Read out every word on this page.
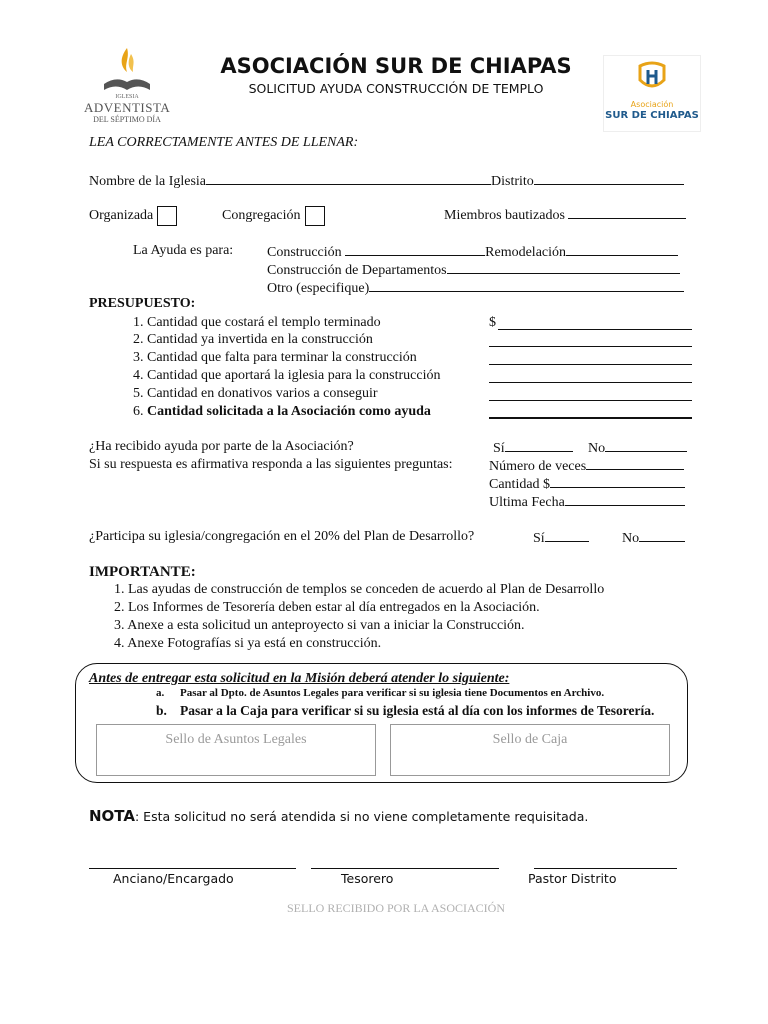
IGLESIA
ADVENTISTA
DEL SÉPTIMO DÍA
ASOCIACIÓN SUR DE CHIAPAS
SOLICITUD AYUDA CONSTRUCCIÓN DE TEMPLO
Asociación
SUR DE CHIAPAS
LEA CORRECTAMENTE ANTES DE LLENAR:
Nombre de la Iglesia	Distrito
Organizada	Congregación	Miembros bautizados
La Ayuda es para: Construcción	Remodelación
Construcción de Departamentos
Otro (especifique)
PRESUPUESTO:
1. Cantidad que costará el templo terminado
2. Cantidad ya invertida en la construcción
3. Cantidad que falta para terminar la construcción
4. Cantidad que aportará la iglesia para la construcción
5. Cantidad en donativos varios a conseguir
6. Cantidad solicitada a la Asociación como ayuda
$
¿Ha recibido ayuda por parte de la Asociación?	Sí	No
Si su respuesta es afirmativa responda a las siguientes preguntas:	Número de veces
Cantidad $
Ultima Fecha
¿Participa su iglesia/congregación en el 20% del Plan de Desarrollo?	Sí	No
IMPORTANTE:
1. Las ayudas de construcción de templos se conceden de acuerdo al Plan de Desarrollo
2. Los Informes de Tesorería deben estar al día entregados en la Asociación.
3. Anexe a esta solicitud un anteproyecto si van a iniciar la Construcción.
4. Anexe Fotografías si ya está en construcción.
Antes de entregar esta solicitud en la Misión deberá atender lo siguiente:
a. Pasar al Dpto. de Asuntos Legales para verificar si su iglesia tiene Documentos en Archivo.
b. Pasar a la Caja para verificar si su iglesia está al día con los informes de Tesorería.
Sello de Asuntos Legales	Sello de Caja
NOTA: Esta solicitud no será atendida si no viene completamente requisitada.
Anciano/Encargado	Tesorero	Pastor Distrito
SELLO RECIBIDO POR LA ASOCIACIÓN
